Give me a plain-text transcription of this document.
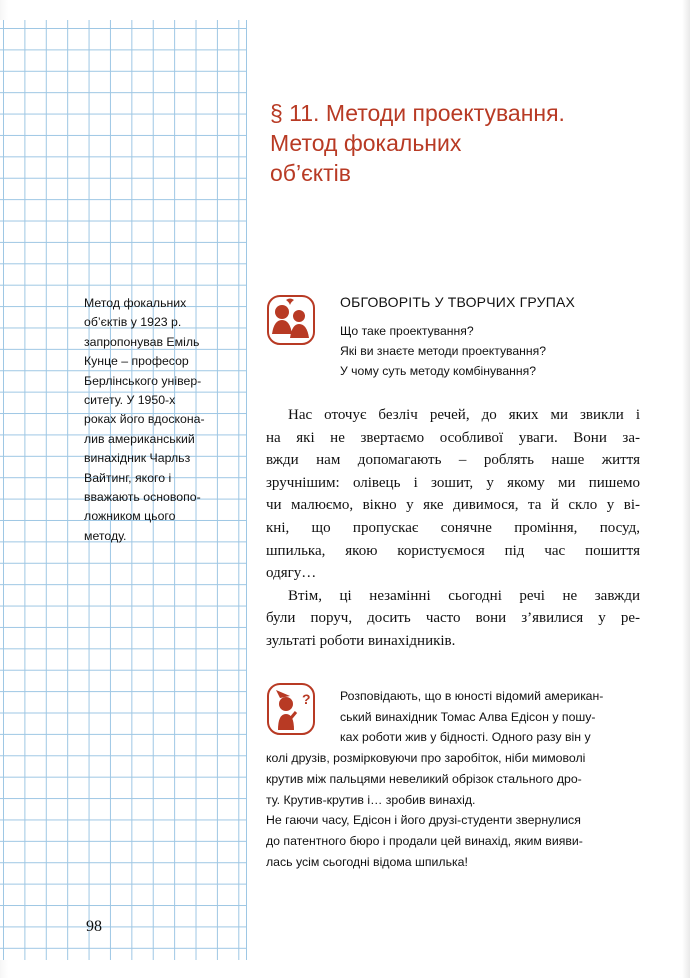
§ 11. Методи проектування.
Метод фокальних
об’єктів
Метод фокальних
об’єктів у 1923 р.
запропонував Еміль
Кунце – професор
Берлінського універ-
ситету. У 1950-х
роках його вдоскона-
лив американський
винахідник Чарльз
Вайтинг, якого і
вважають основопо-
ложником цього
методу.
ОБГОВОРІТЬ У ТВОРЧИХ ГРУПАХ
Що таке проектування?
Які ви знаєте методи проектування?
У чому суть методу комбінування?
Нас оточує безліч речей, до яких ми звикли і
на які не звертаємо особливої уваги. Вони за-
вжди нам допомагають – роблять наше життя
зручнішим: олівець і зошит, у якому ми пишемо
чи малюємо, вікно у яке дивимося, та й скло у ві-
кні, що пропускає сонячне проміння, посуд,
шпилька, якою користуємося під час пошиття
одягу…
Втім, ці незамінні сьогодні речі не завжди
були поруч, досить часто вони з’явилися у ре-
зультаті роботи винахідників.
?	Розповідають, що в юності відомий америкaн-
ський винахідник Томас Алва Едісон у пошу-
ках роботи жив у бідності. Одного разу він у
колі друзів, розмірковуючи про заробіток, ніби мимоволі
крутив між пальцями невеликий обрізок стального дро-
ту. Крутив-крутив і… зробив винахід.
Не гаючи часу, Едісон і його друзі-студенти звернулися
до патентного бюро і продали цей винахід, яким вияви-
лась усім сьогодні відома шпилька!
98
